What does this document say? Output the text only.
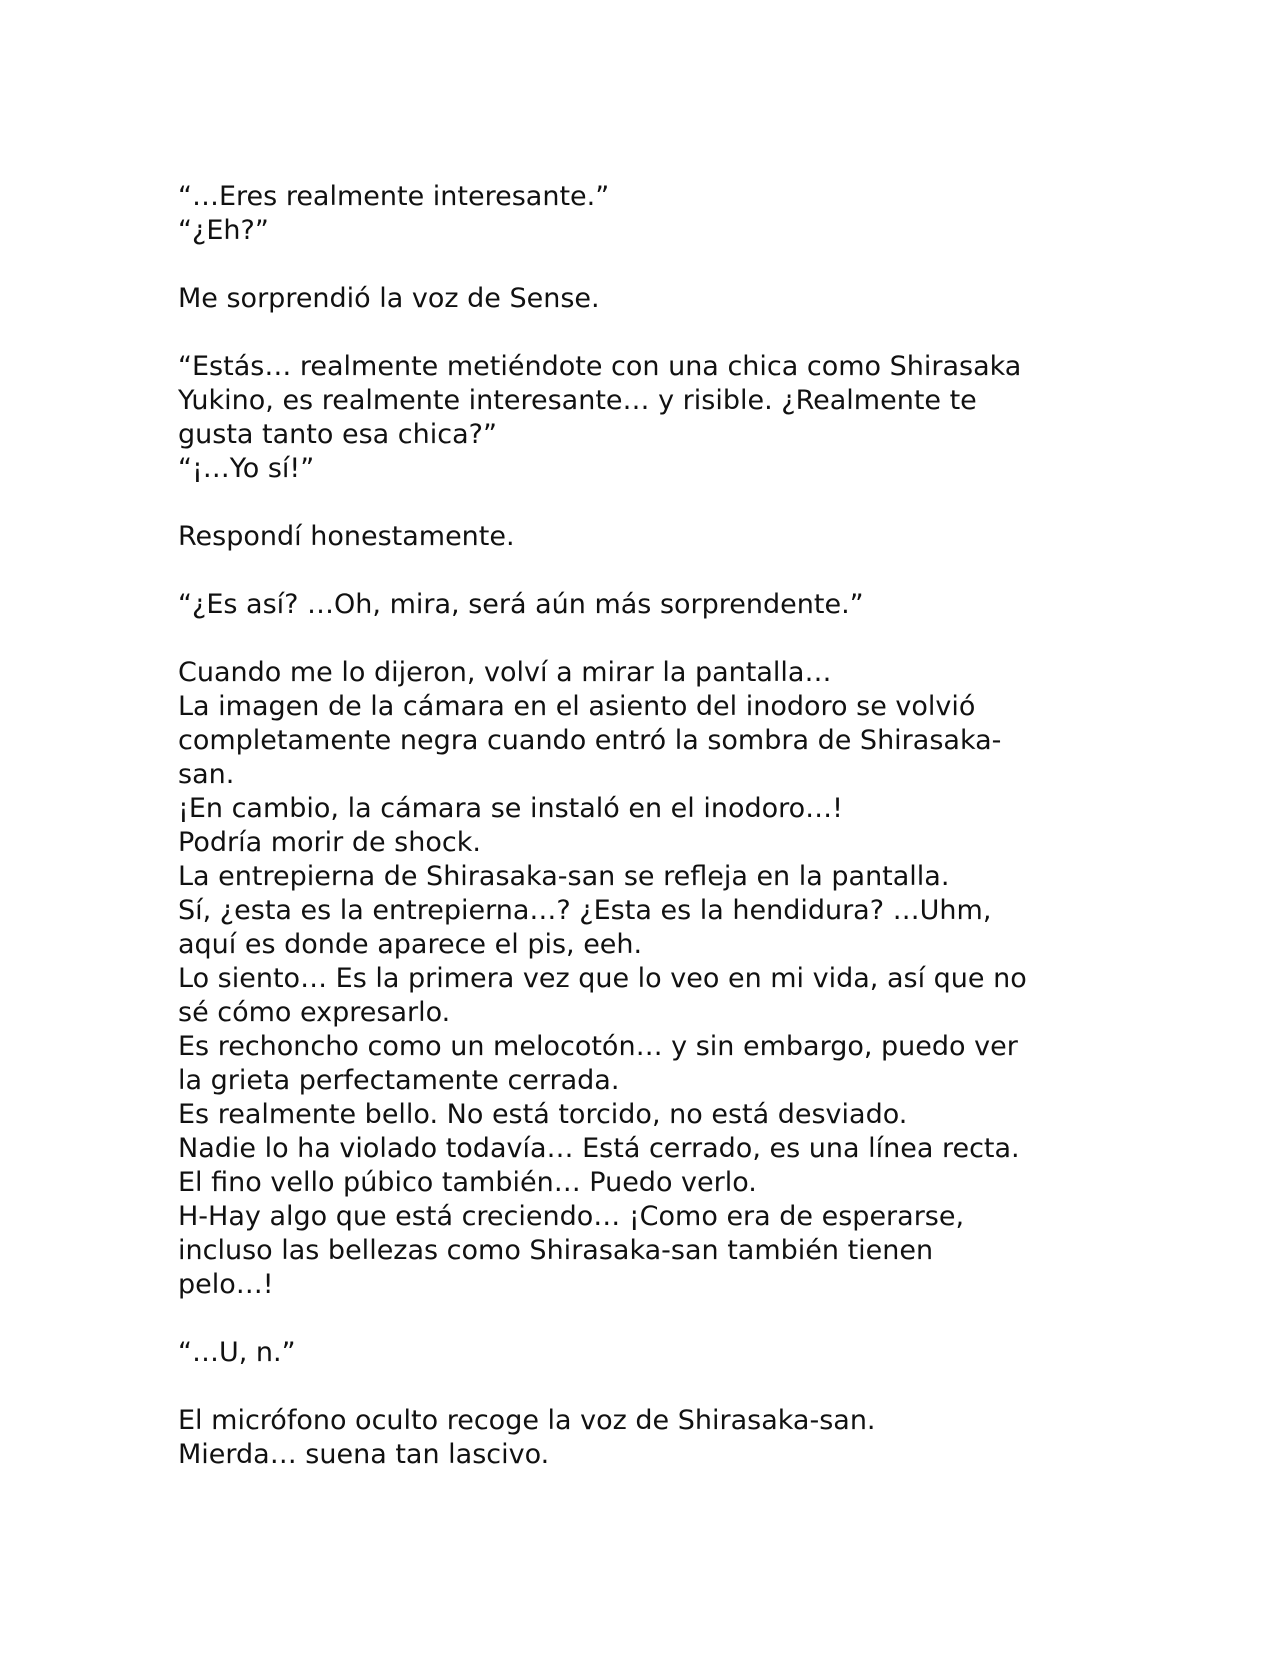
“…Eres realmente interesante.”
“¿Eh?”
Me sorprendió la voz de Sense.
“Estás… realmente metiéndote con una chica como Shirasaka
Yukino, es realmente interesante… y risible. ¿Realmente te
gusta tanto esa chica?”
“¡…Yo sí!”
Respondí honestamente.
“¿Es así? …Oh, mira, será aún más sorprendente.”
Cuando me lo dijeron, volví a mirar la pantalla…
La imagen de la cámara en el asiento del inodoro se volvió
completamente negra cuando entró la sombra de Shirasaka-
san.
¡En cambio, la cámara se instaló en el inodoro…!
Podría morir de shock.
La entrepierna de Shirasaka-san se refleja en la pantalla.
Sí, ¿esta es la entrepierna…? ¿Esta es la hendidura? …Uhm,
aquí es donde aparece el pis, eeh.
Lo siento… Es la primera vez que lo veo en mi vida, así que no
sé cómo expresarlo.
Es rechoncho como un melocotón… y sin embargo, puedo ver
la grieta perfectamente cerrada.
Es realmente bello. No está torcido, no está desviado.
Nadie lo ha violado todavía… Está cerrado, es una línea recta.
El fino vello púbico también… Puedo verlo.
H-Hay algo que está creciendo… ¡Como era de esperarse,
incluso las bellezas como Shirasaka-san también tienen
pelo…!
“…U, n.”
El micrófono oculto recoge la voz de Shirasaka-san.
Mierda… suena tan lascivo.
